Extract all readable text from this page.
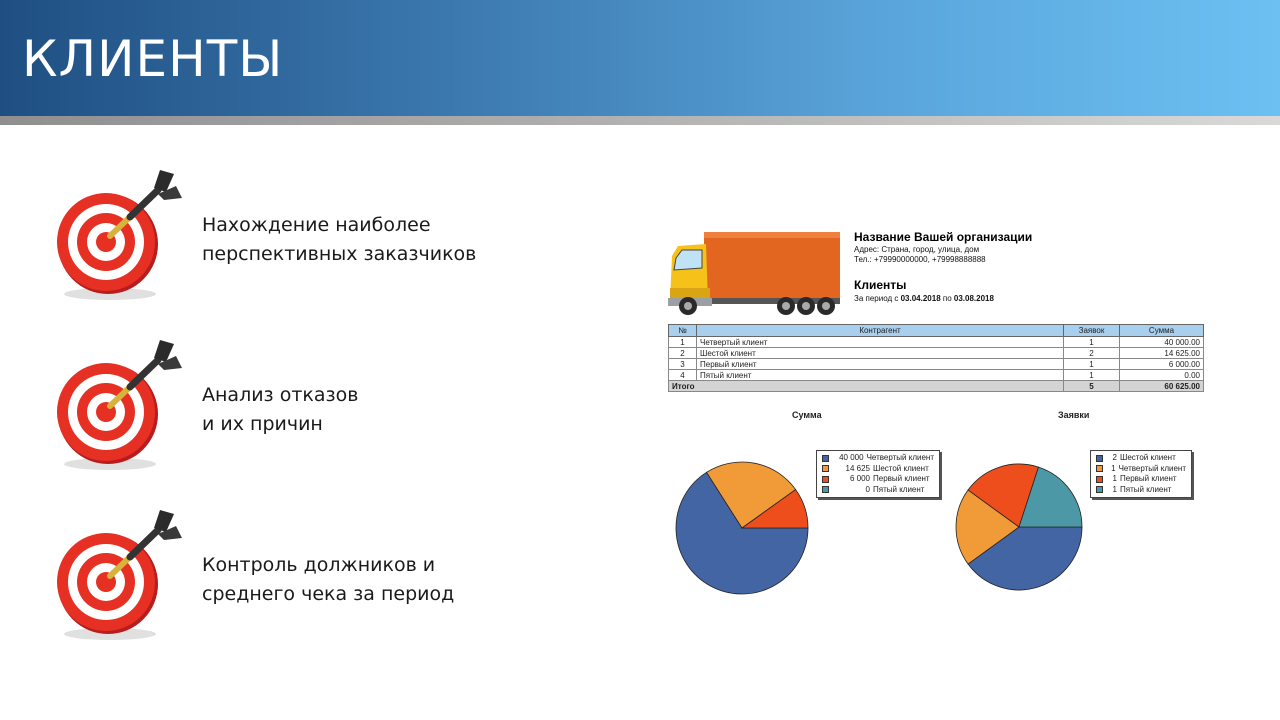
КЛИЕНТЫ
Нахождение наиболее
перспективных заказчиков
Анализ отказов
и их причин
Контроль должников и
среднего чека за период
Название Вашей организации
Адрес: Страна, город, улица, дом
Тел.: +79990000000, +79998888888
Клиенты
За период с 03.04.2018 по 03.08.2018
№	Контрагент	Заявок	Сумма
1	Четвертый клиент	1	40 000.00
2	Шестой клиент	2	14 625.00
3	Первый клиент	1	6 000.00
4	Пятый клиент	1	0.00
Итого		5	60 625.00
Сумма
40 000 Четвертый клиент
14 625 Шестой клиент
6 000 Первый клиент
0 Пятый клиент
Заявки
2 Шестой клиент
1 Четвертый клиент
1 Первый клиент
1 Пятый клиент
